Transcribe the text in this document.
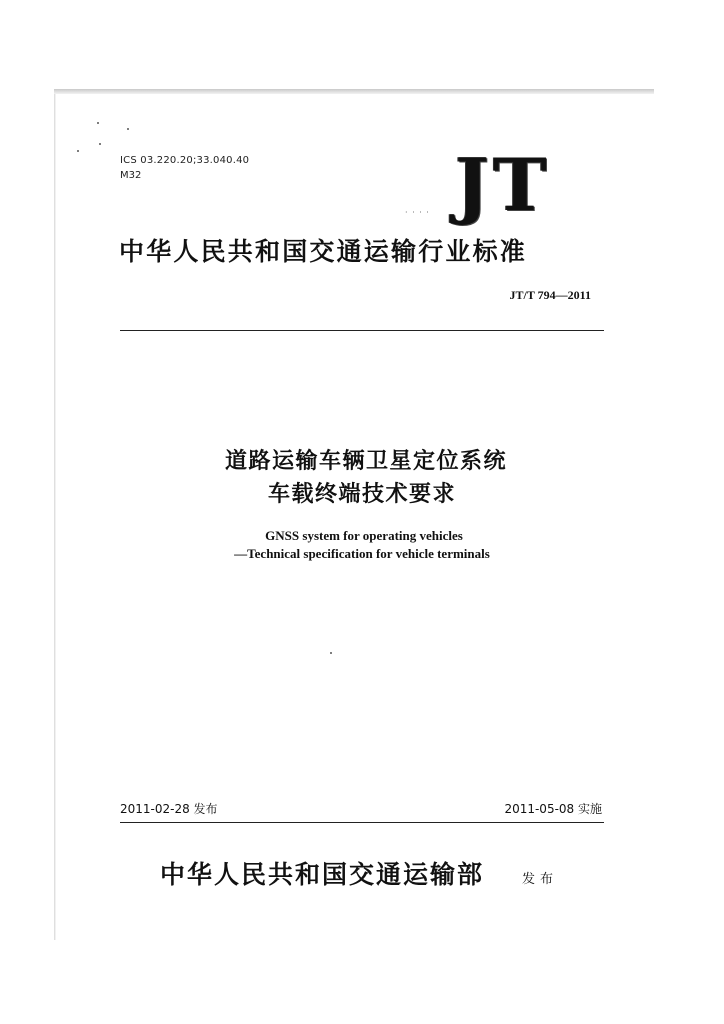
ICS 03.220.20;33.040.40

M32	JT
· · · ·
中华人民共和国交通运输行业标准

JT/T 794—2011

道路运输车辆卫星定位系统
车载终端技术要求

GNSS system for operating vehicles

—Technical specification for vehicle terminals

2011-02-28 发布	2011-05-08 实施

中华人民共和国交通运输部	发布
